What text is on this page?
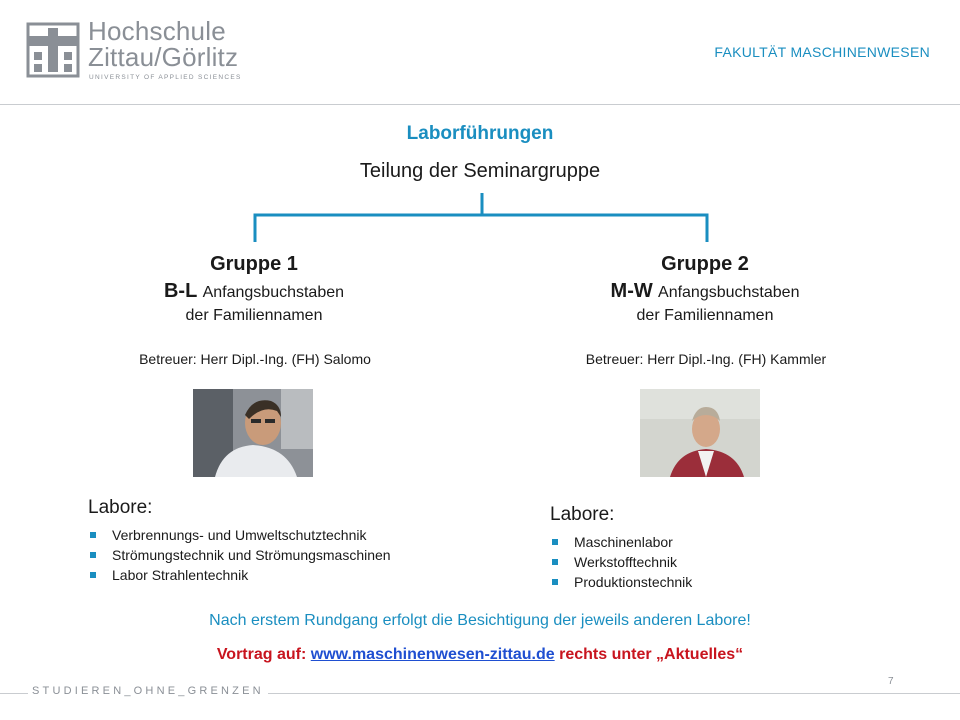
Hochschule
Zittau/Görlitz
UNIVERSITY OF APPLIED SCIENCES
FAKULTÄT MASCHINENWESEN
Laborführungen
Teilung der Seminargruppe
Gruppe 1
B-L Anfangsbuchstaben
der Familiennamen
Betreuer: Herr Dipl.-Ing. (FH) Salomo
Gruppe 2
M-W Anfangsbuchstaben
der Familiennamen
Betreuer: Herr Dipl.-Ing. (FH) Kammler
Labore:
Verbrennungs- und Umweltschutztechnik
Strömungstechnik und Strömungsmaschinen
Labor Strahlentechnik
Labore:
Maschinenlabor
Werkstofftechnik
Produktionstechnik
Nach erstem Rundgang erfolgt die Besichtigung der jeweils anderen Labore!
Vortrag auf: www.maschinenwesen-zittau.de rechts unter „Aktuelles“
STUDIEREN_OHNE_GRENZEN
7
